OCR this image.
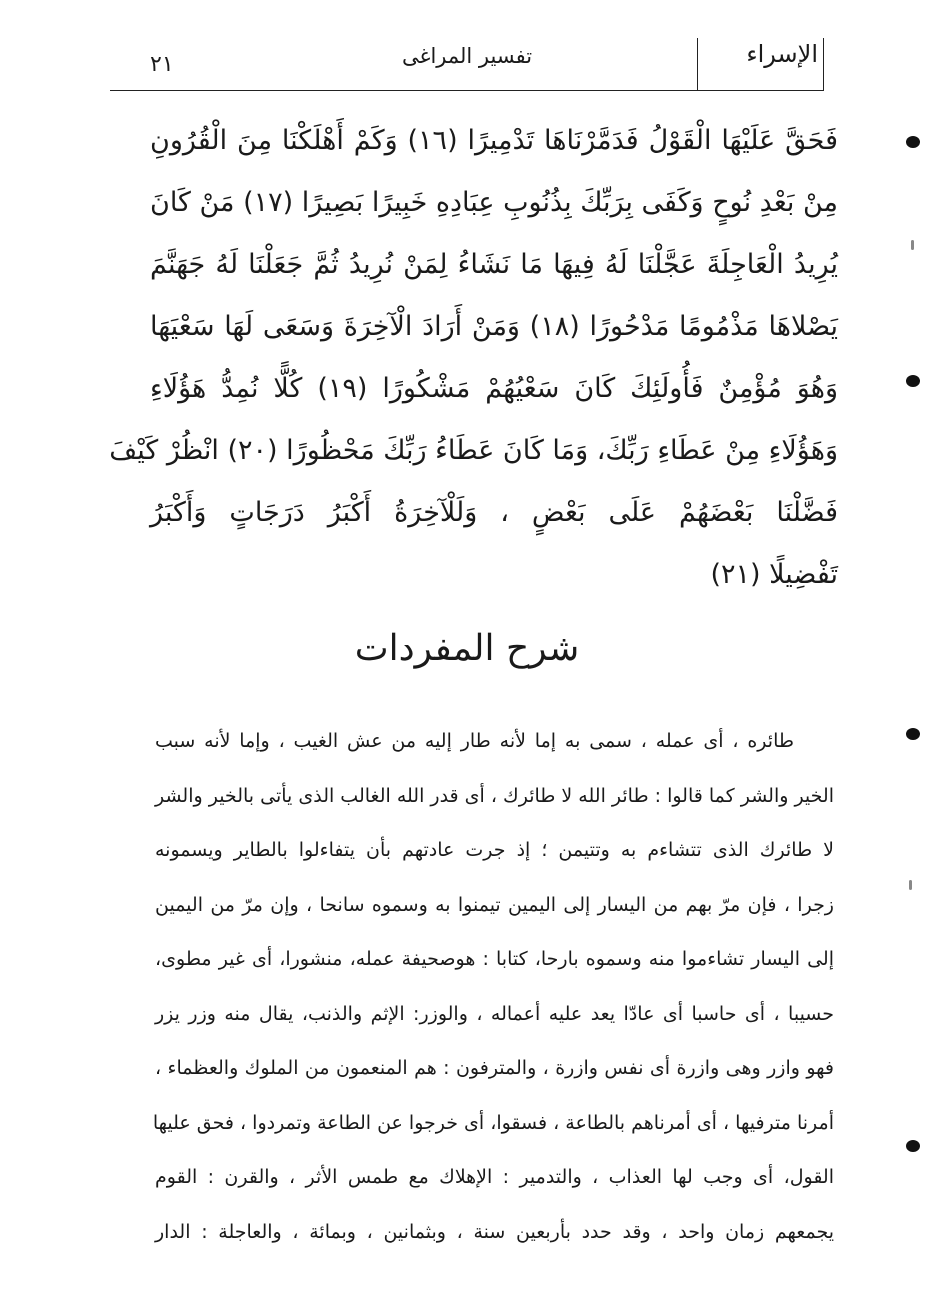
الإسراء
تفسير المراغى
٢١
فَحَقَّ عَلَيْهَا الْقَوْلُ فَدَمَّرْنَاهَا تَدْمِيرًا (١٦) وَكَمْ أَهْلَكْنَا مِنَ الْقُرُونِ
مِنْ بَعْدِ نُوحٍ وَكَفَى بِرَبِّكَ بِذُنُوبِ عِبَادِهِ خَبِيرًا بَصِيرًا (١٧) مَنْ كَانَ
يُرِيدُ الْعَاجِلَةَ عَجَّلْنَا لَهُ فِيهَا مَا نَشَاءُ لِمَنْ نُرِيدُ ثُمَّ جَعَلْنَا لَهُ جَهَنَّمَ
يَصْلاهَا مَذْمُومًا مَدْحُورًا (١٨) وَمَنْ أَرَادَ الْآخِرَةَ وَسَعَى لَهَا سَعْيَهَا
وَهُوَ مُؤْمِنٌ فَأُولَئِكَ كَانَ سَعْيُهُمْ مَشْكُورًا (١٩) كُلًّا نُمِدُّ هَؤُلَاءِ
وَهَؤُلَاءِ مِنْ عَطَاءِ رَبِّكَ، وَمَا كَانَ عَطَاءُ رَبِّكَ مَحْظُورًا (٢٠) انْظُرْ كَيْفَ
فَضَّلْنَا بَعْضَهُمْ عَلَى بَعْضٍ ، وَلَلْآخِرَةُ أَكْبَرُ دَرَجَاتٍ وَأَكْبَرُ
تَفْضِيلًا (٢١)
شرح المفردات
طائره ، أى عمله ، سمى به إما لأنه طار إليه من عش الغيب ، وإما لأنه سبب
الخير والشر كما قالوا : طائر الله لا طائرك ، أى قدر الله الغالب الذى يأتى بالخير والشر
لا طائرك الذى تتشاءم به وتتيمن ؛ إذ جرت عادتهم بأن يتفاءلوا بالطاير ويسمونه
زجرا ، فإن مرّ بهم من اليسار إلى اليمين تيمنوا به وسموه سانحا ، وإن مرّ من اليمين
إلى اليسار تشاءموا منه وسموه بارحا، كتابا : هوصحيفة عمله، منشورا، أى غير مطوى،
حسيبا ، أى حاسبا أى عادّا يعد عليه أعماله ، والوزر: الإثم والذنب، يقال منه وزر يزر
فهو وازر وهى وازرة أى نفس وازرة ، والمترفون : هم المنعمون من الملوك والعظماء ،
أمرنا مترفيها ، أى أمرناهم بالطاعة ، فسقوا، أى خرجوا عن الطاعة وتمردوا ، فحق عليها
القول، أى وجب لها العذاب ، والتدمير : الإهلاك مع طمس الأثر ، والقرن : القوم
يجمعهم زمان واحد ، وقد حدد بأربعين سنة ، وبثمانين ، وبمائة ، والعاجلة : الدار
